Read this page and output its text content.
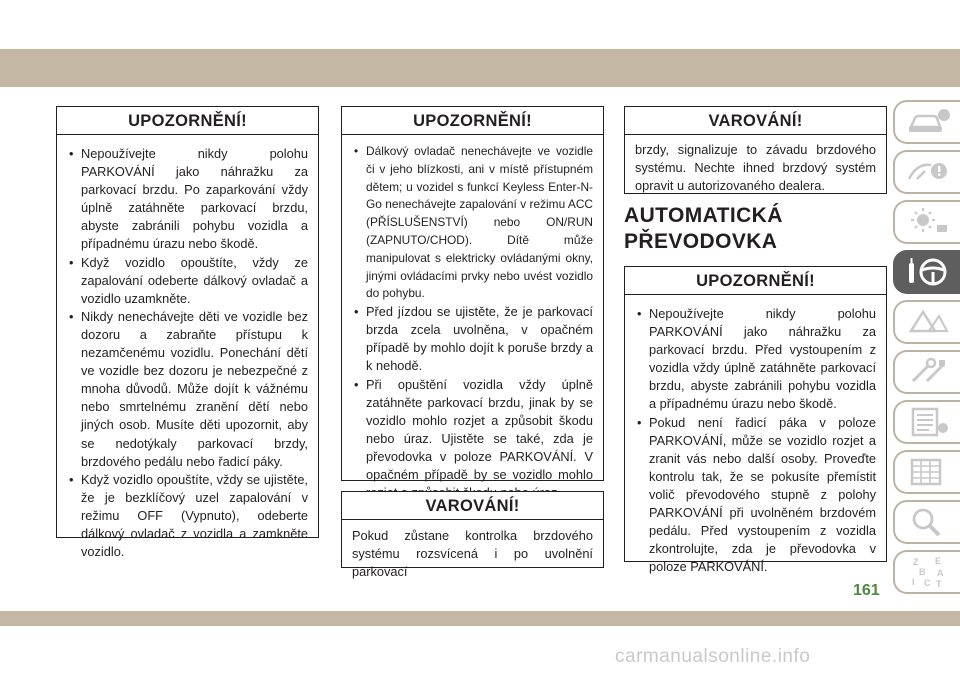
UPOZORNĚNÍ!
• Nepoužívejte nikdy polohu PARKOVÁNÍ jako náhražku za parkovací brzdu. Po zaparkování vždy úplně zatáhněte parkovací brzdu, abyste zabránili pohybu vozidla a případnému úrazu nebo škodě.
• Když vozidlo opouštíte, vždy ze zapalování odeberte dálkový ovladač a vozidlo uzamkněte.
• Nikdy nenechávejte děti ve vozidle bez dozoru a zabraňte přístupu k nezamčenému vozidlu. Ponechání dětí ve vozidle bez dozoru je nebezpečné z mnoha důvodů. Může dojít k vážnému nebo smrtelnému zranění dětí nebo jiných osob. Musíte děti upozornit, aby se nedotýkaly parkovací brzdy, brzdového pedálu nebo řadicí páky.
• Když vozidlo opouštíte, vždy se ujistěte, že je bezklíčový uzel zapalování v režimu OFF (Vypnuto), odeberte dálkový ovladač z vozidla a zamkněte vozidlo.
UPOZORNĚNÍ!
• Dálkový ovladač nenechávejte ve vozidle či v jeho blízkosti, ani v místě přístupném dětem; u vozidel s funkcí Keyless Enter-N-Go nenechávejte zapalování v režimu ACC (PŘÍSLUŠENSTVÍ) nebo ON/RUN (ZAPNUTO/CHOD). Dítě může manipulovat s elektricky ovládanými okny, jinými ovládacími prvky nebo uvést vozidlo do pohybu.
• Před jízdou se ujistěte, že je parkovací brzda zcela uvolněna, v opačném případě by mohlo dojít k poruše brzdy a k nehodě.
• Při opuštění vozidla vždy úplně zatáhněte parkovací brzdu, jinak by se vozidlo mohlo rozjet a způsobit škodu nebo úraz. Ujistěte se také, zda je převodovka v poloze PARKOVÁNÍ. V opačném případě by se vozidlo mohlo
VAROVÁNÍ!

Pokud zůstane kontrolka brzdového systému rozsvícená i po uvolnění parkovací

VAROVÁNÍ!

brzdy, signalizuje to závadu brzdového systému. Nechte ihned brzdový systém opravit u autorizovaného dealera.

AUTOMATICKÁ
PŘEVODOVKA
UPOZORNĚNÍ!
• Nepoužívejte nikdy polohu PARKOVÁNÍ jako náhražku za parkovací brzdu. Před vystoupením z vozidla vždy úplně zatáhněte parkovací brzdu, abyste zabránili pohybu vozidla a případnému úrazu nebo škodě.
• Pokud není řadicí páka v poloze PARKOVÁNÍ, může se vozidlo rozjet a zranit vás nebo další osoby. Proveďte kontrolu tak, že se pokusíte přemístit volič převodového stupně z polohy PARKOVÁNÍ při uvolněném brzdovém pedálu. Před vystoupením z vozidla zkontrolujte, zda je převodovka v poloze PARKOVÁNÍ.	Z E
B A
I C T
161
carmanualsonline.info
